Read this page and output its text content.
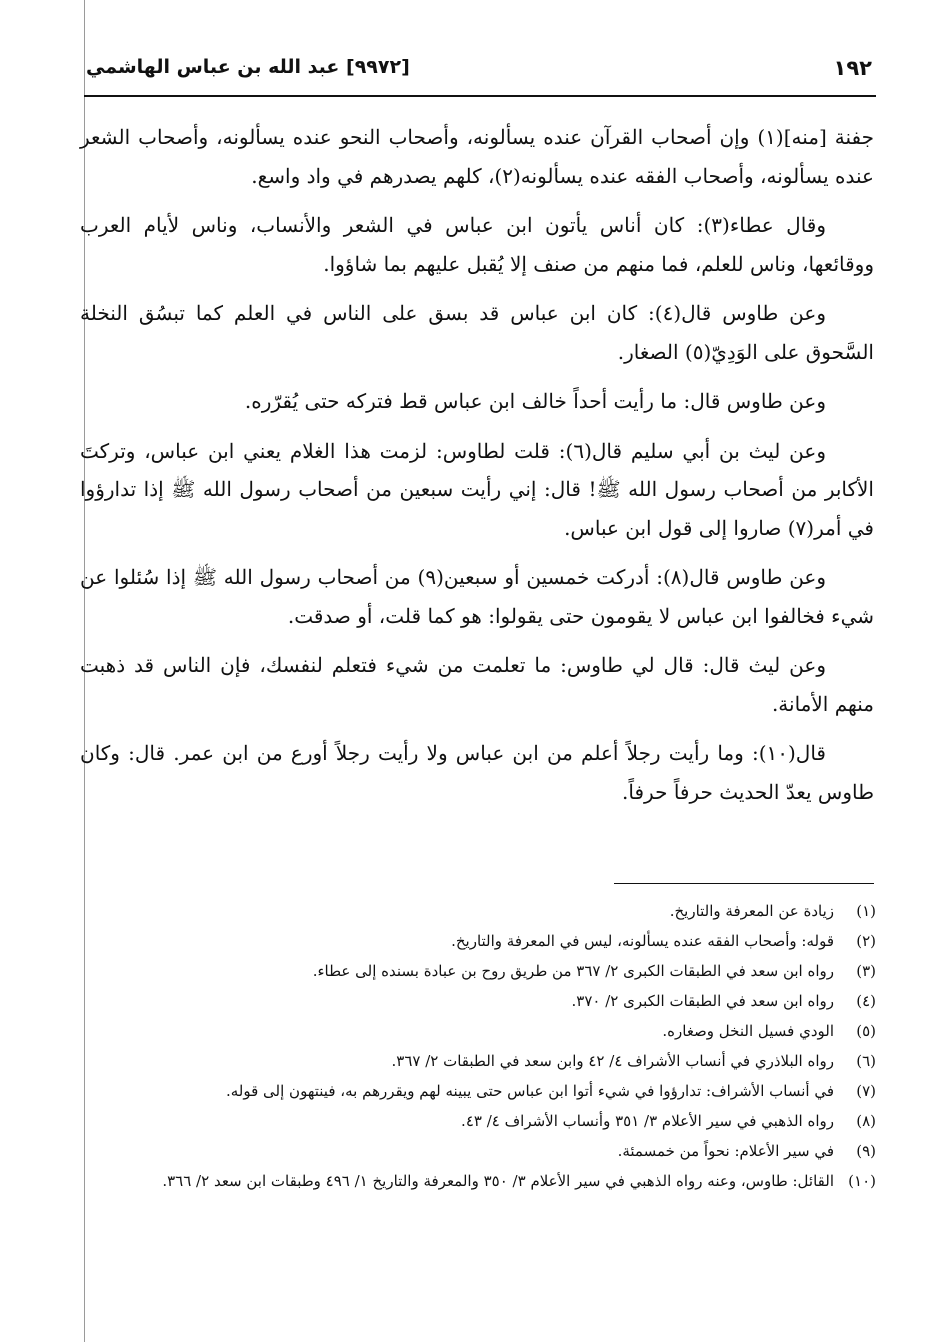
١٩٢
[٩٩٧٢] عبد الله بن عباس الهاشمي

جفنة [منه](١) وإن أصحاب القرآن عنده يسألونه، وأصحاب النحو عنده يسألونه، وأصحاب الشعر عنده يسألونه، وأصحاب الفقه عنده يسألونه(٢)، كلهم يصدرهم في واد واسع.

وقال عطاء(٣): كان أناس يأتون ابن عباس في الشعر والأنساب، وناس لأيام العرب ووقائعها، وناس للعلم، فما منهم من صنف إلا يُقبل عليهم بما شاؤوا.

وعن طاوس قال(٤): كان ابن عباس قد بسق على الناس في العلم كما تبسُق النخلة السَّحوق على الوَدِيّ(٥) الصغار.

وعن طاوس قال: ما رأيت أحداً خالف ابن عباس قط فتركه حتى يُقرّره.

وعن ليث بن أبي سليم قال(٦): قلت لطاوس: لزمت هذا الغلام يعني ابن عباس، وتركتَ الأكابر من أصحاب رسول الله ﷺ! قال: إني رأيت سبعين من أصحاب رسول الله ﷺ إذا تدارؤوا في أمر(٧) صاروا إلى قول ابن عباس.

وعن طاوس قال(٨): أدركت خمسين أو سبعين(٩) من أصحاب رسول الله ﷺ إذا سُئلوا عن شيء فخالفوا ابن عباس لا يقومون حتى يقولوا: هو كما قلت، أو صدقت.

وعن ليث قال: قال لي طاوس: ما تعلمت من شيء فتعلم لنفسك، فإن الناس قد ذهبت منهم الأمانة.

قال(١٠): وما رأيت رجلاً أعلم من ابن عباس ولا رأيت رجلاً أورع من ابن عمر. قال: وكان طاوس يعدّ الحديث حرفاً حرفاً.

(١)
زيادة عن المعرفة والتاريخ.
(٢)
قوله: وأصحاب الفقه عنده يسألونه، ليس في المعرفة والتاريخ.
(٣)
رواه ابن سعد في الطبقات الكبرى ٢/ ٣٦٧ من طريق روح بن عبادة بسنده إلى عطاء.
(٤)
رواه ابن سعد في الطبقات الكبرى ٢/ ٣٧٠.
(٥)
الودي فسيل النخل وصغاره.
(٦)
رواه البلاذري في أنساب الأشراف ٤/ ٤٢ وابن سعد في الطبقات ٢/ ٣٦٧.
(٧)
في أنساب الأشراف: تدارؤوا في شيء أتوا ابن عباس حتى يبينه لهم ويقررهم به، فينتهون إلى قوله.
(٨)
رواه الذهبي في سير الأعلام ٣/ ٣٥١ وأنساب الأشراف ٤/ ٤٣.
(٩)
في سير الأعلام: نحواً من خمسمئة.
(١٠)
القائل: طاوس، وعنه رواه الذهبي في سير الأعلام ٣/ ٣٥٠ والمعرفة والتاريخ ١/ ٤٩٦ وطبقات ابن سعد ٢/ ٣٦٦.
